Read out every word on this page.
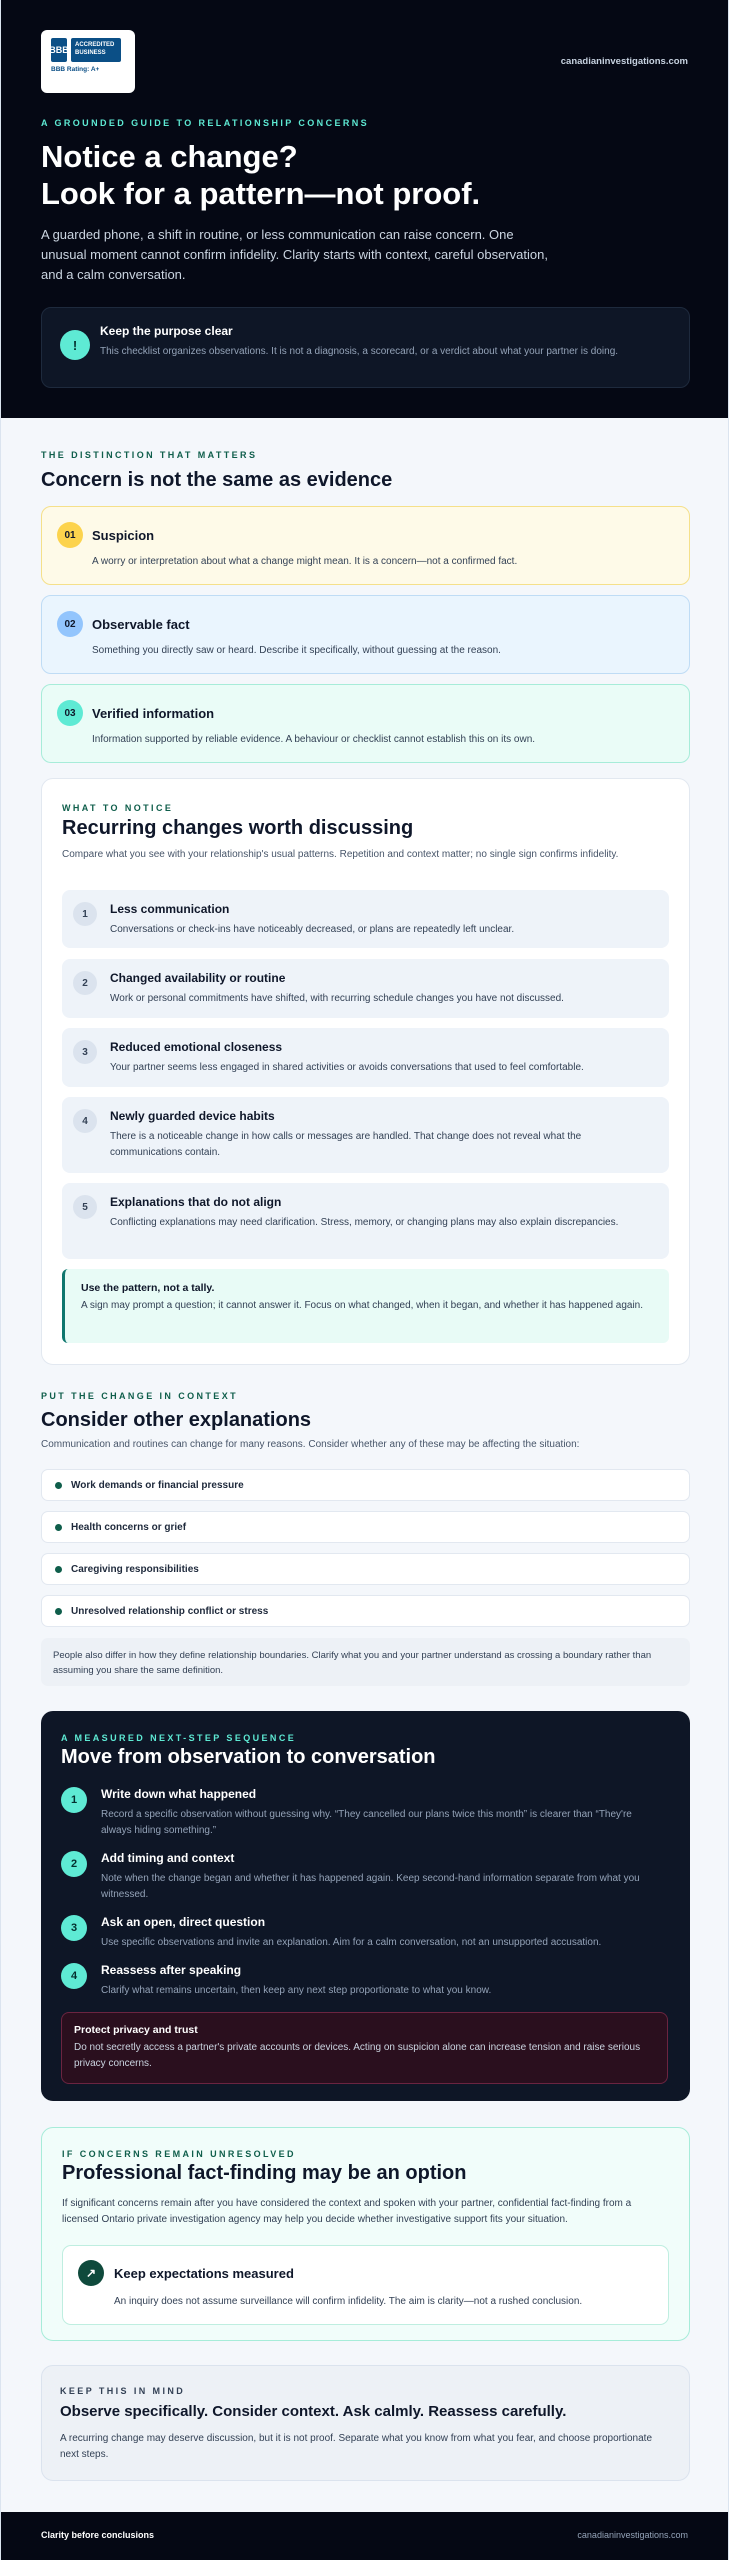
BBB ACCREDITED
BUSINESS
BBB Rating: A+
canadianinvestigations.com
A GROUNDED GUIDE TO RELATIONSHIP CONCERNS
Notice a change?
Look for a pattern—not proof.

A guarded phone, a shift in routine, or less communication can raise concern. One unusual moment cannot confirm infidelity. Clarity starts with context, careful observation, and a calm conversation.

!
Keep the purpose clear
This checklist organizes observations. It is not a diagnosis, a scorecard, or a verdict about what your partner is doing.
THE DISTINCTION THAT MATTERS
Concern is not the same as evidence
01	Suspicion
A worry or interpretation about what a change might mean. It is a concern—not a confirmed fact.
02	Observable fact
Something you directly saw or heard. Describe it specifically, without guessing at the reason.
03	Verified information
Information supported by reliable evidence. A behaviour or checklist cannot establish this on its own.
WHAT TO NOTICE
Recurring changes worth discussing
Compare what you see with your relationship's usual patterns. Repetition and context matter; no single sign confirms infidelity.
1	Less communication
Conversations or check-ins have noticeably decreased, or plans are repeatedly left unclear.
2	Changed availability or routine
Work or personal commitments have shifted, with recurring schedule changes you have not discussed.
3	Reduced emotional closeness
Your partner seems less engaged in shared activities or avoids conversations that used to feel comfortable.
4	Newly guarded device habits
There is a noticeable change in how calls or messages are handled. That change does not reveal what the communications contain.
5	Explanations that do not align
Conflicting explanations may need clarification. Stress, memory, or changing plans may also explain discrepancies.
Use the pattern, not a tally.
A sign may prompt a question; it cannot answer it. Focus on what changed, when it began, and whether it has happened again.
PUT THE CHANGE IN CONTEXT
Consider other explanations
Communication and routines can change for many reasons. Consider whether any of these may be affecting the situation:
Work demands or financial pressure
Health concerns or grief
Caregiving responsibilities
Unresolved relationship conflict or stress
People also differ in how they define relationship boundaries. Clarify what you and your partner understand as crossing a boundary rather than assuming you share the same definition.
A MEASURED NEXT-STEP SEQUENCE
Move from observation to conversation
1	Write down what happened
Record a specific observation without guessing why. “They cancelled our plans twice this month” is clearer than “They're always hiding something.”
2	Add timing and context
Note when the change began and whether it has happened again. Keep second-hand information separate from what you witnessed.
3	Ask an open, direct question
Use specific observations and invite an explanation. Aim for a calm conversation, not an unsupported accusation.
4	Reassess after speaking
Clarify what remains uncertain, then keep any next step proportionate to what you know.
Protect privacy and trust
Do not secretly access a partner's private accounts or devices. Acting on suspicion alone can increase tension and raise serious privacy concerns.
IF CONCERNS REMAIN UNRESOLVED
Professional fact-finding may be an option
If significant concerns remain after you have considered the context and spoken with your partner, confidential fact-finding from a licensed Ontario private investigation agency may help you decide whether investigative support fits your situation.
↗	Keep expectations measured
An inquiry does not assume surveillance will confirm infidelity. The aim is clarity—not a rushed conclusion.
KEEP THIS IN MIND
Observe specifically. Consider context. Ask calmly. Reassess carefully.
A recurring change may deserve discussion, but it is not proof. Separate what you know from what you fear, and choose proportionate next steps.
Clarity before conclusions	canadianinvestigations.com
